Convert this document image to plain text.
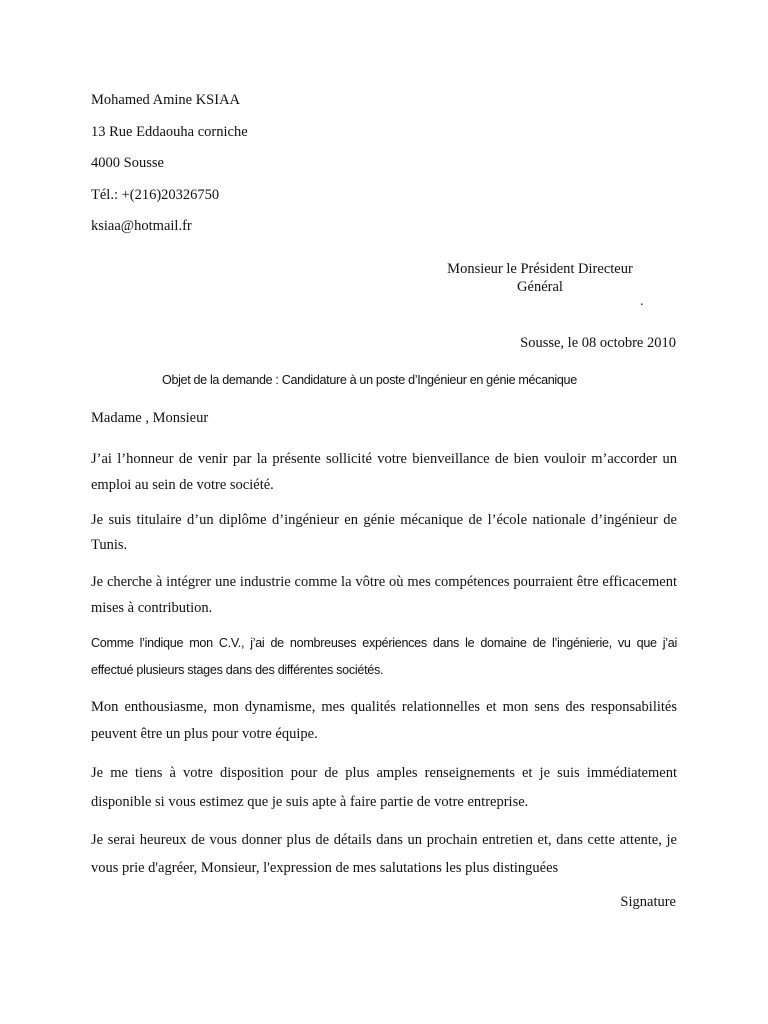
Mohamed Amine KSIAA
13 Rue Eddaouha corniche
4000 Sousse
Tél.: +(216)20326750
ksiaa@hotmail.fr
Monsieur le Président Directeur
Général
.
Sousse, le 08 octobre 2010
Objet de la demande : Candidature à un poste d’Ingénieur en génie mécanique
Madame , Monsieur
J’ai l’honneur de venir par la présente sollicité votre bienveillance de bien vouloir m’accorder un emploi au sein de votre société.
Je suis titulaire d’un diplôme d’ingénieur en génie mécanique de l’école nationale d’ingénieur de Tunis.
Je cherche à intégrer une industrie comme la vôtre où mes compétences pourraient être efficacement mises à contribution.
Comme l’indique mon C.V., j’ai de nombreuses expériences dans le domaine de l’ingénierie, vu que j’ai effectué plusieurs stages dans des différentes sociétés.
Mon enthousiasme, mon dynamisme, mes qualités relationnelles et mon sens des responsabilités peuvent être un plus pour votre équipe.
Je me tiens à votre disposition pour de plus amples renseignements et je suis immédiatement disponible si vous estimez que je suis apte à faire partie de votre entreprise.
Je serai heureux de vous donner plus de détails dans un prochain entretien et, dans cette attente, je vous prie d'agréer, Monsieur, l'expression de mes salutations les plus distinguées
Signature
